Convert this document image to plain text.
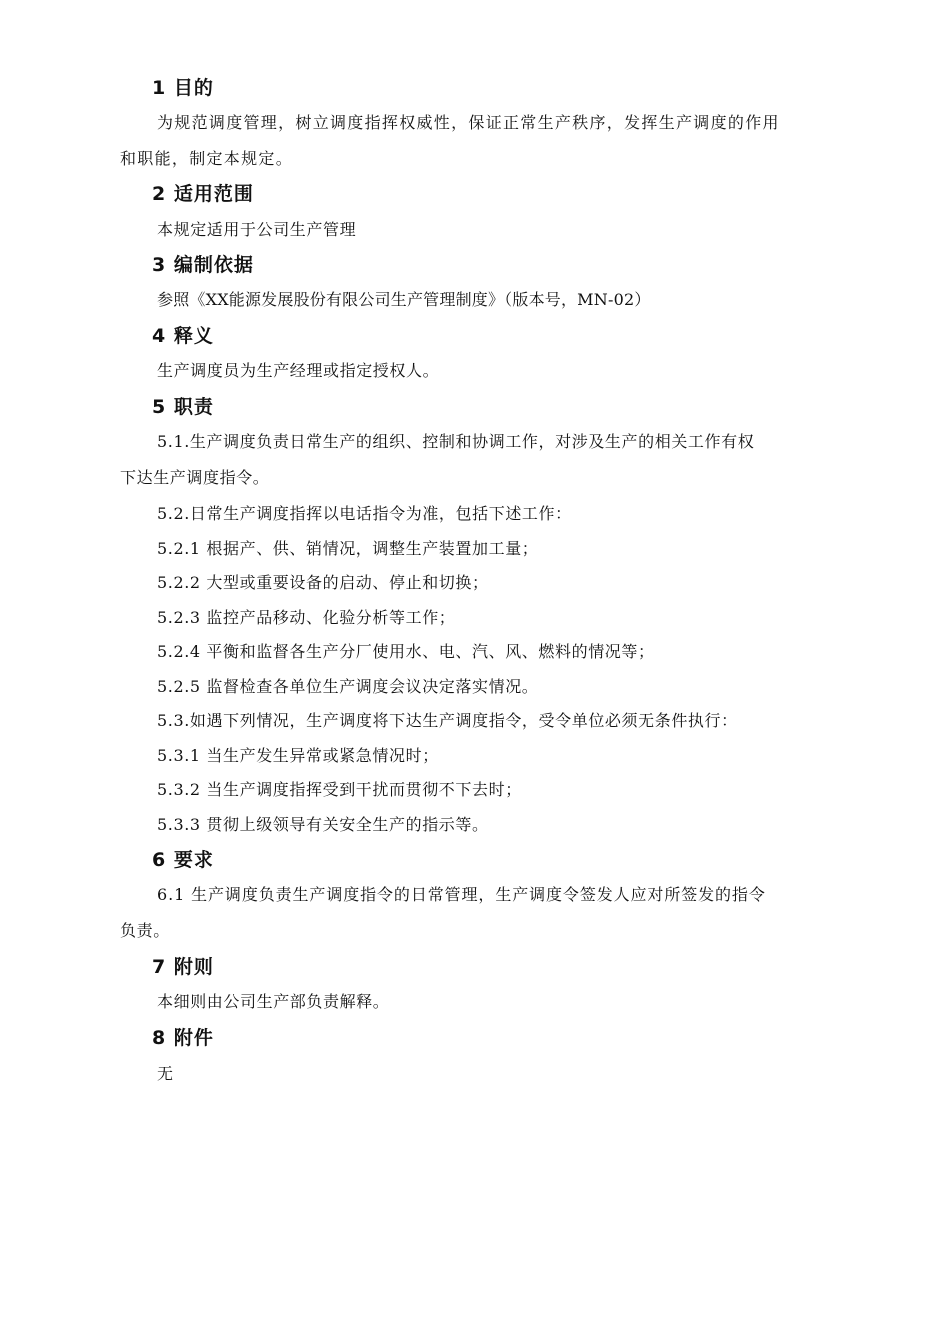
1 目的
为规范调度管理，树立调度指挥权威性，保证正常生产秩序，发挥生产调度的作用
和职能，制定本规定。
2 适用范围
本规定适用于公司生产管理
3 编制依据
参照《XX能源发展股份有限公司生产管理制度》（版本号，MN-02）
4 释义
生产调度员为生产经理或指定授权人。
5 职责
5.1.生产调度负责日常生产的组织、控制和协调工作，对涉及生产的相关工作有权
下达生产调度指令。
5.2.日常生产调度指挥以电话指令为准，包括下述工作：
5.2.1 根据产、供、销情况，调整生产装置加工量；
5.2.2 大型或重要设备的启动、停止和切换；
5.2.3 监控产品移动、化验分析等工作；
5.2.4 平衡和监督各生产分厂使用水、电、汽、风、燃料的情况等；
5.2.5 监督检查各单位生产调度会议决定落实情况。
5.3.如遇下列情况，生产调度将下达生产调度指令，受令单位必须无条件执行：
5.3.1 当生产发生异常或紧急情况时；
5.3.2 当生产调度指挥受到干扰而贯彻不下去时；
5.3.3 贯彻上级领导有关安全生产的指示等。
6 要求
6.1 生产调度负责生产调度指令的日常管理，生产调度令签发人应对所签发的指令
负责。
7 附则
本细则由公司生产部负责解释。
8 附件
无
